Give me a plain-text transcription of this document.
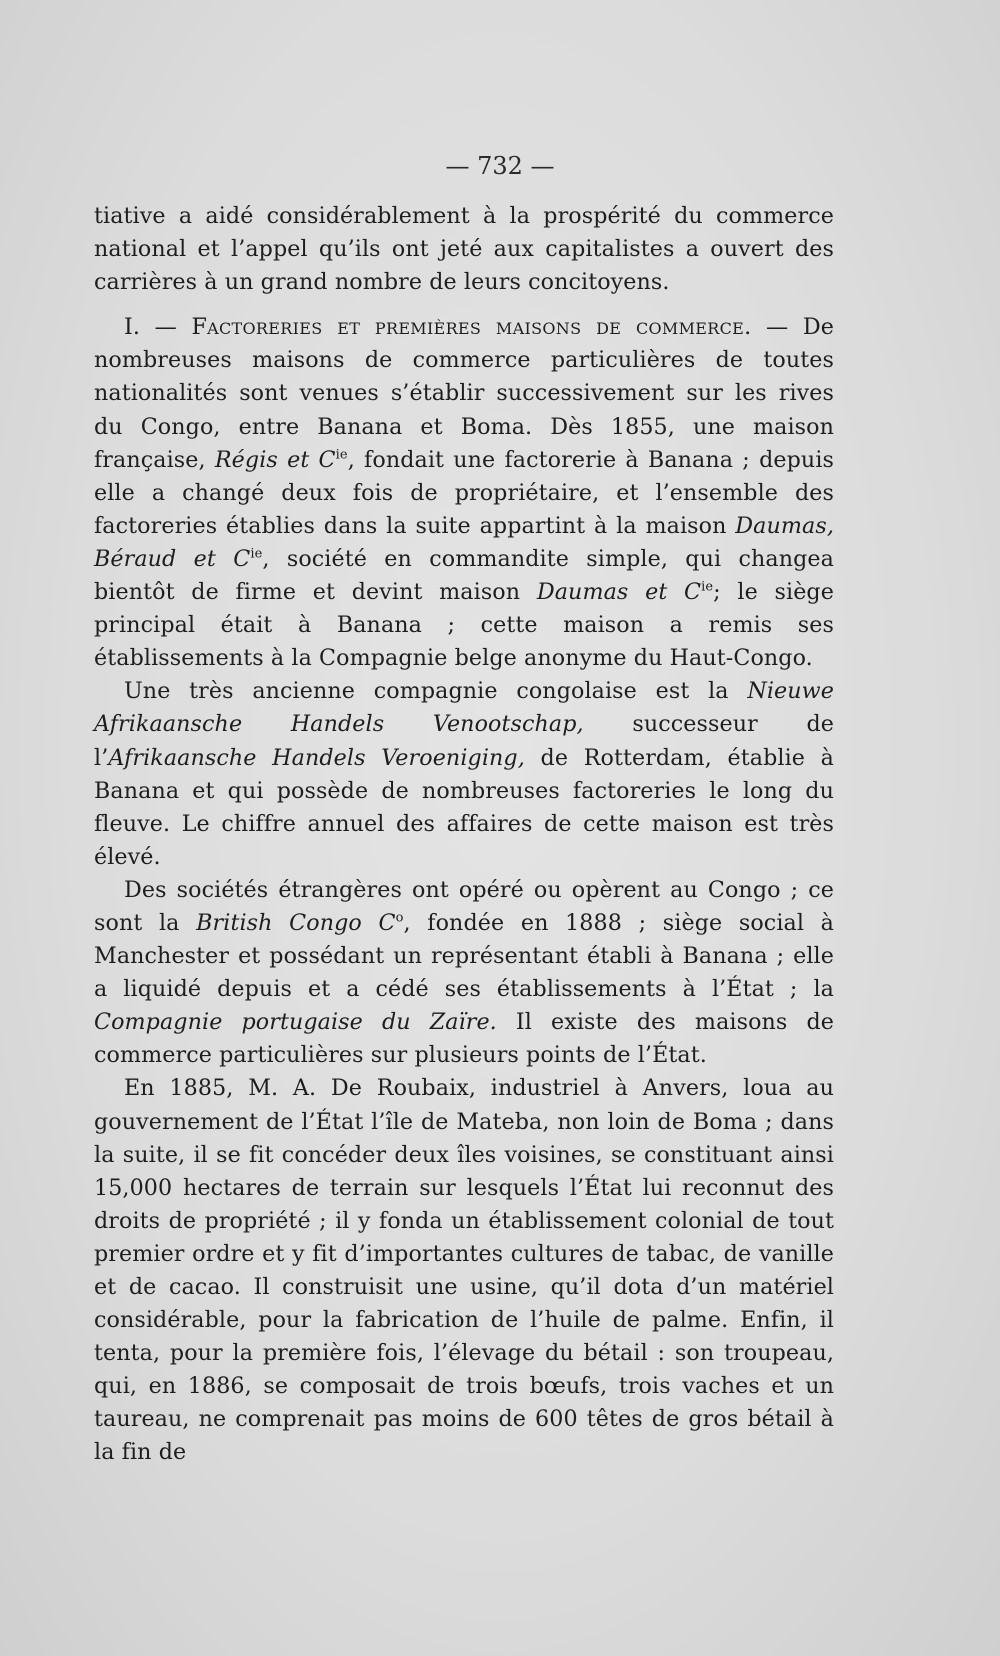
— 732 —

tiative a aidé considérablement à la prospérité du commerce national et l’appel qu’ils ont jeté aux capitalistes a ouvert des carrières à un grand nombre de leurs concitoyens.

I. — Factoreries et premières maisons de commerce. — De nombreuses maisons de commerce particulières de toutes nationalités sont venues s’établir successivement sur les rives du Congo, entre Banana et Boma. Dès 1855, une maison française, Régis et $C^{ie}$, fondait une factorerie à Banana ; depuis elle a changé deux fois de propriétaire, et l’ensemble des factoreries établies dans la suite appartint à la maison Daumas, Béraud et $C^{ie}$, société en commandite simple, qui changea bientôt de firme et devint maison Daumas et $C^{ie}$; le siège principal était à Banana ; cette maison a remis ses établissements à la Compagnie belge anonyme du Haut-Congo.

Une très ancienne compagnie congolaise est la Nieuwe Afrikaansche Handels Venootschap, successeur de l’Afrikaansche Handels Veroeniging, de Rotterdam, établie à Banana et qui possède de nombreuses factoreries le long du fleuve. Le chiffre annuel des affaires de cette maison est très élevé.

Des sociétés étrangères ont opéré ou opèrent au Congo ; ce sont la British Congo $C^o$, fondée en 1888 ; siège social à Manchester et possédant un représentant établi à Banana ; elle a liquidé depuis et a cédé ses établissements à l’État ; la Compagnie portugaise du Zaïre. Il existe des maisons de commerce particulières sur plusieurs points de l’État.

En 1885, M. A. De Roubaix, industriel à Anvers, loua au gouvernement de l’État l’île de Mateba, non loin de Boma ; dans la suite, il se fit concéder deux îles voisines, se constituant ainsi 15,000 hectares de terrain sur lesquels l’État lui reconnut des droits de propriété ; il y fonda un établissement colonial de tout premier ordre et y fit d’importantes cultures de tabac, de vanille et de cacao. Il construisit une usine, qu’il dota d’un matériel considérable, pour la fabrication de l’huile de palme. Enfin, il tenta, pour la première fois, l’élevage du bétail : son troupeau, qui, en 1886, se composait de trois bœufs, trois vaches et un taureau, ne comprenait pas moins de 600 têtes de gros bétail à la fin de
